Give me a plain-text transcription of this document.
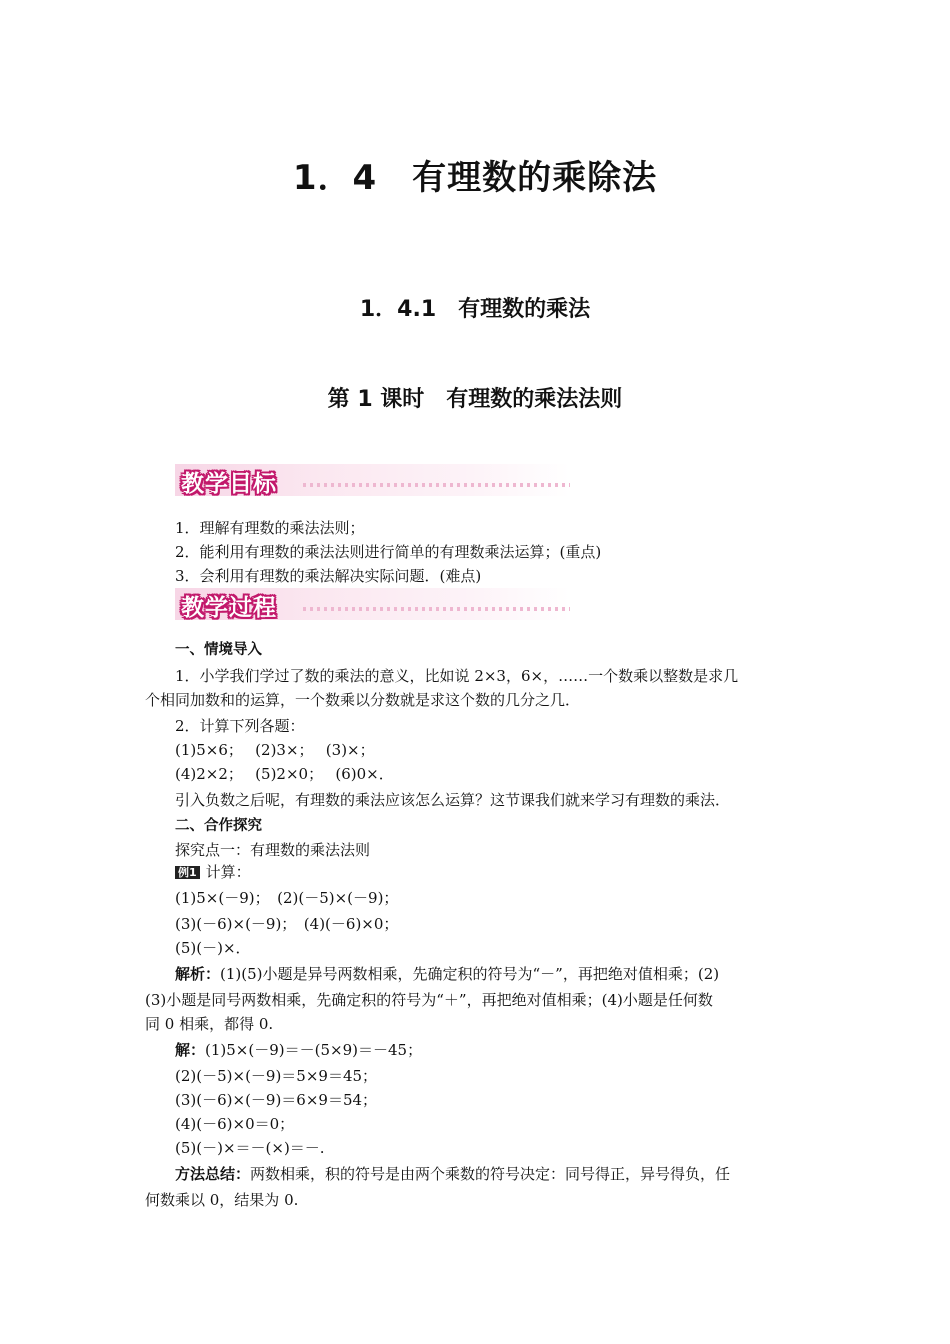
1．4　有理数的乘除法
1．4.1　有理数的乘法
第 1 课时　有理数的乘法法则
教学目标
1．理解有理数的乘法法则；
2．能利用有理数的乘法法则进行简单的有理数乘法运算；(重点)
3．会利用有理数的乘法解决实际问题．(难点)
教学过程
一、情境导入
1．小学我们学过了数的乘法的意义，比如说 2×3，6×，……一个数乘以整数是求几
个相同加数和的运算，一个数乘以分数就是求这个数的几分之几．
2．计算下列各题：
(1)5×6；　 (2)3×；　 (3)×；
(4)2×2；　 (5)2×0；　 (6)0×．
引入负数之后呢，有理数的乘法应该怎么运算？这节课我们就来学习有理数的乘法．
二、合作探究
探究点一：有理数的乘法法则
例1 计算：
(1)5×(－9)；　(2)(－5)×(－9)；
(3)(－6)×(－9)；　(4)(－6)×0；
(5)(－)×．
解析：(1)(5)小题是异号两数相乘，先确定积的符号为“－”，再把绝对值相乘；(2)
(3)小题是同号两数相乘，先确定积的符号为“＋”，再把绝对值相乘；(4)小题是任何数
同 0 相乘，都得 0.
解：(1)5×(－9)＝－(5×9)＝－45；
(2)(－5)×(－9)＝5×9＝45；
(3)(－6)×(－9)＝6×9＝54；
(4)(－6)×0＝0；
(5)(－)×＝－(×)＝－.
方法总结：两数相乘，积的符号是由两个乘数的符号决定：同号得正，异号得负，任
何数乘以 0，结果为 0.
